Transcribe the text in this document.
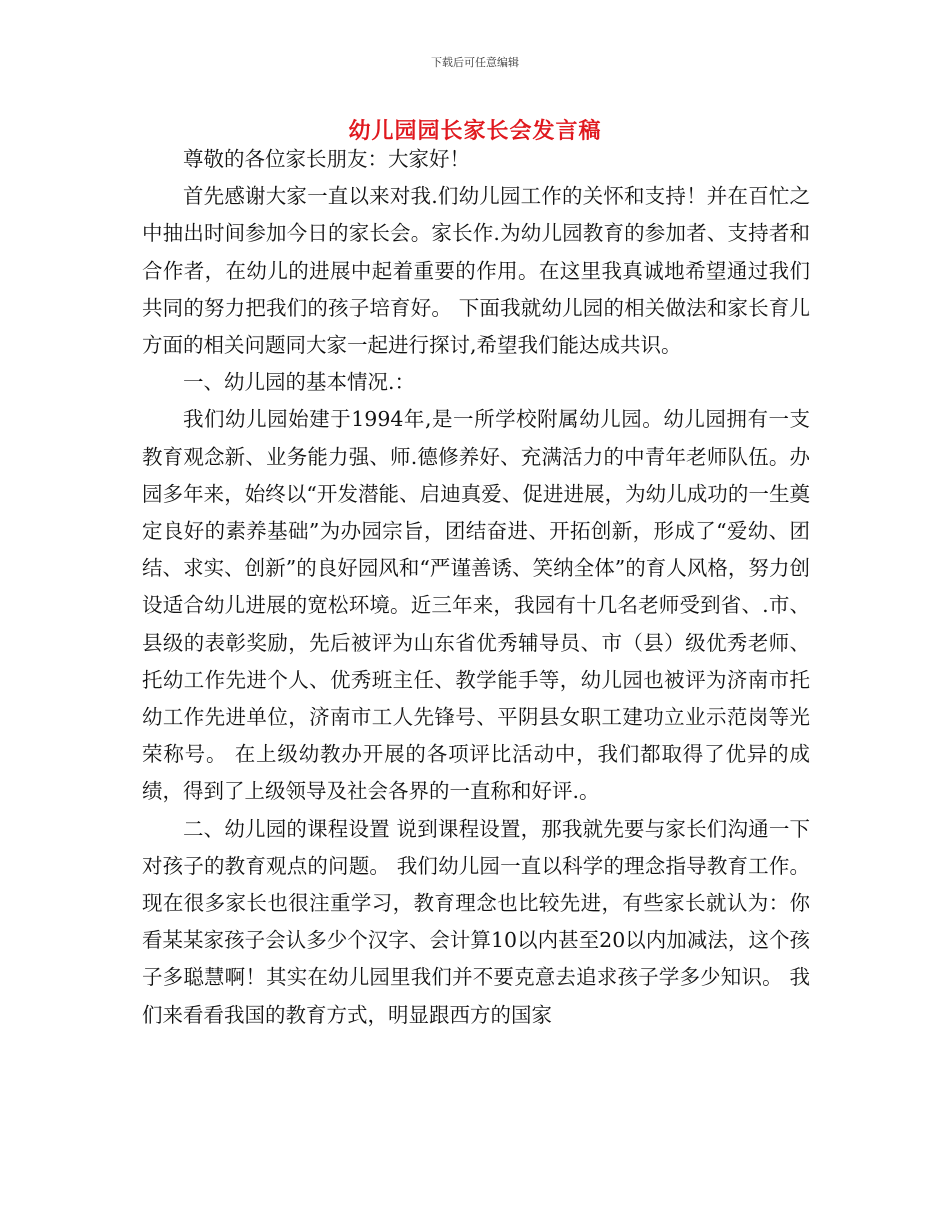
下载后可任意编辑
幼儿园园长家长会发言稿

尊敬的各位家长朋友：大家好！

首先感谢大家一直以来对我.们幼儿园工作的关怀和支持！并在百忙之中抽出时间参加今日的家长会。家长作.为幼儿园教育的参加者、支持者和合作者，在幼儿的进展中起着重要的作用。在这里我真诚地希望通过我们共同的努力把我们的孩子培育好。 下面我就幼儿园的相关做法和家长育儿方面的相关问题同大家一起进行探讨,希望我们能达成共识。

一、幼儿园的基本情况.：

我们幼儿园始建于1994年,是一所学校附属幼儿园。幼儿园拥有一支教育观念新、业务能力强、师.德修养好、充满活力的中青年老师队伍。办园多年来，始终以“开发潜能、启迪真爱、促进进展，为幼儿成功的一生奠定良好的素养基础”为办园宗旨，团结奋进、开拓创新，形成了“爱幼、团结、求实、创新”的良好园风和“严谨善诱、笑纳全体”的育人风格，努力创设适合幼儿进展的宽松环境。近三年来，我园有十几名老师受到省、.市、县级的表彰奖励，先后被评为山东省优秀辅导员、市（县）级优秀老师、托幼工作先进个人、优秀班主任、教学能手等，幼儿园也被评为济南市托幼工作先进单位，济南市工人先锋号、平阴县女职工建功立业示范岗等光荣称号。 在上级幼教办开展的各项评比活动中，我们都取得了优异的成绩，得到了上级领导及社会各界的一直称和好评.。

二、幼儿园的课程设置 说到课程设置，那我就先要与家长们沟通一下对孩子的教育观点的问题。 我们幼儿园一直以科学的理念指导教育工作。现在很多家长也很注重学习，教育理念也比较先进，有些家长就认为：你看某某家孩子会认多少个汉字、会计算10以内甚至20以内加减法，这个孩子多聪慧啊！其实在幼儿园里我们并不要克意去追求孩子学多少知识。 我们来看看我国的教育方式，明显跟西方的国家
